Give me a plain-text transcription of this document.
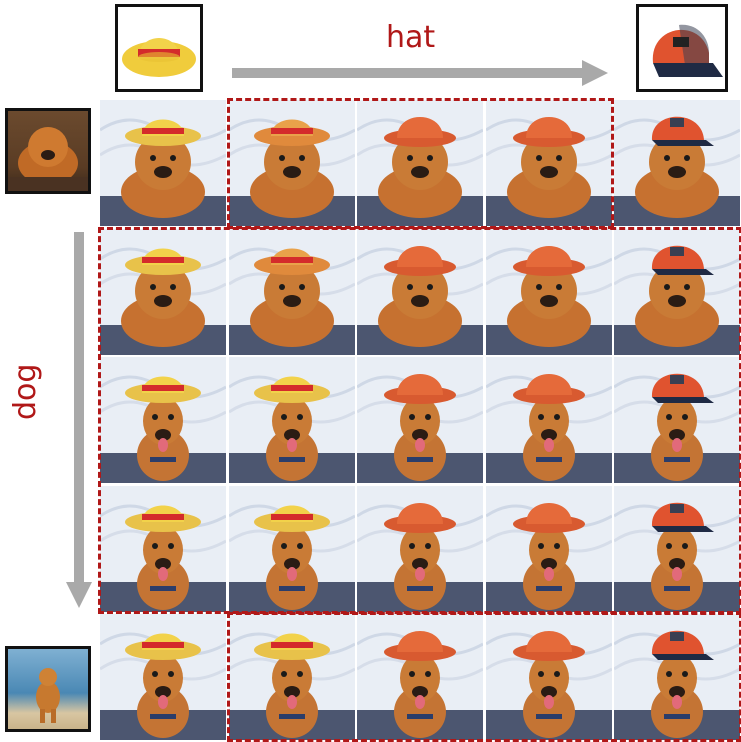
hat
dog
